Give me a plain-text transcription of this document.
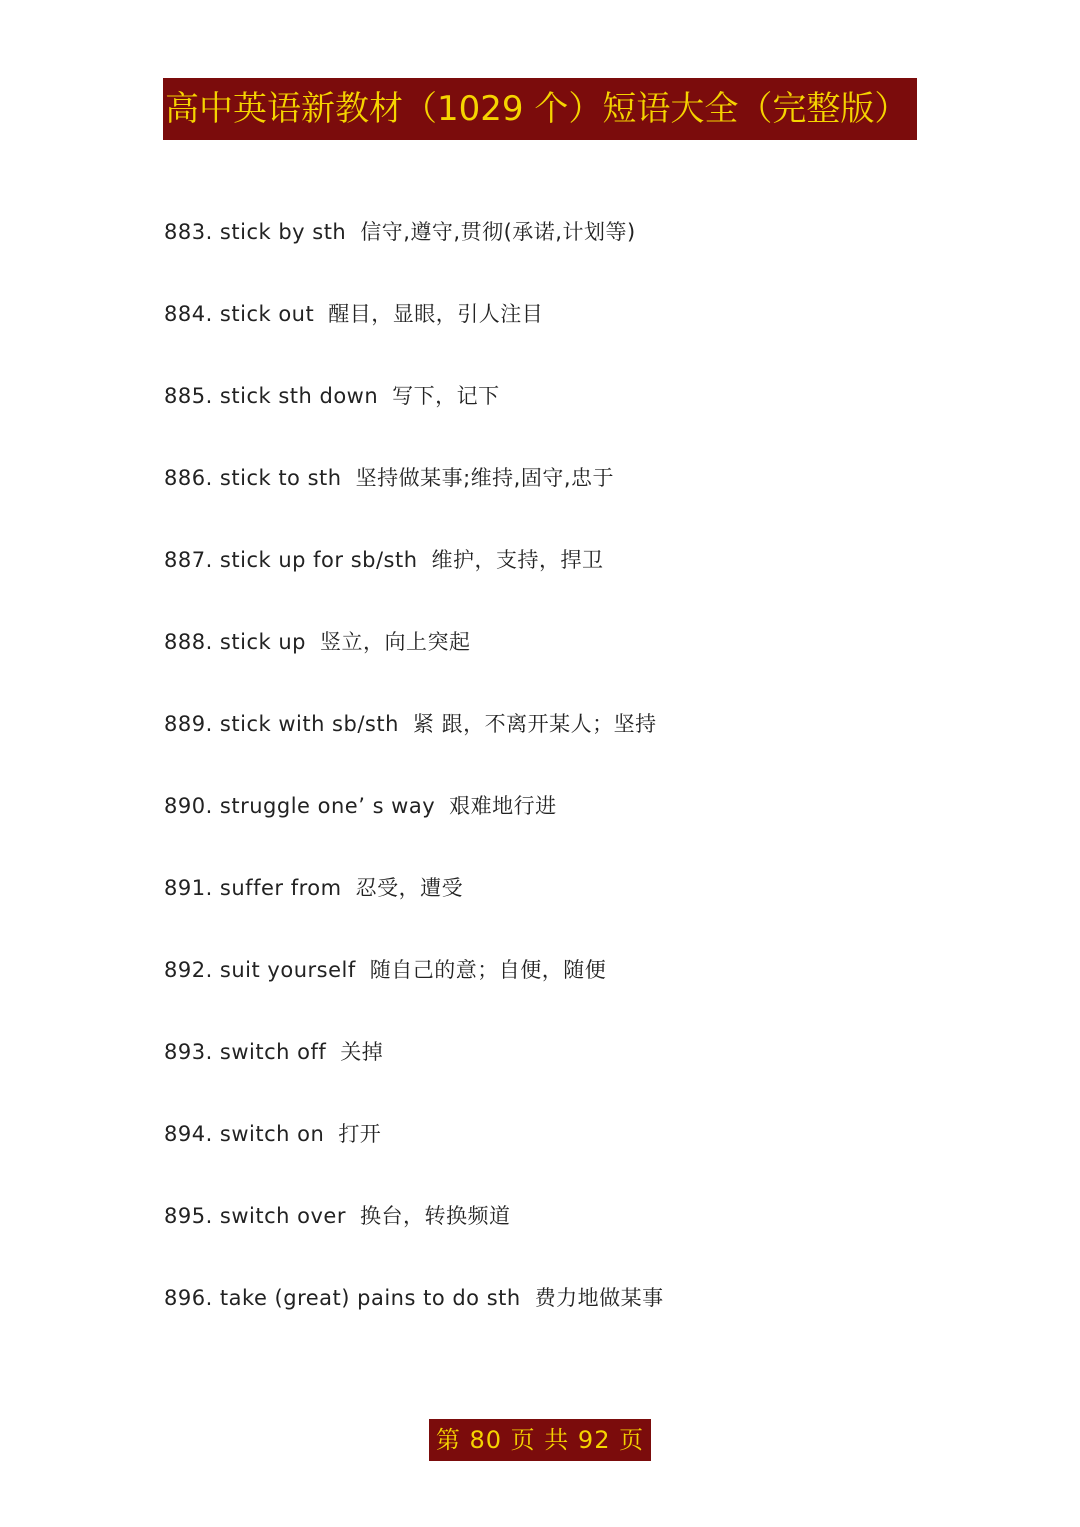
高中英语新教材（1029 个）短语大全（完整版）
883. stick by sth 信守,遵守,贯彻(承诺,计划等)
884. stick out 醒目，显眼，引人注目
885. stick sth down 写下，记下
886. stick to sth 坚持做某事;维持,固守,忠于
887. stick up for sb/sth 维护，支持，捍卫
888. stick up 竖立，向上突起
889. stick with sb/sth 紧 跟，不离开某人；坚持
890. struggle one’ s way 艰难地行进
891. suffer from 忍受，遭受
892. suit yourself 随自己的意；自便，随便
893. switch off 关掉
894. switch on 打开
895. switch over 换台，转换频道
896. take (great) pains to do sth 费力地做某事
第 80 页 共 92 页
